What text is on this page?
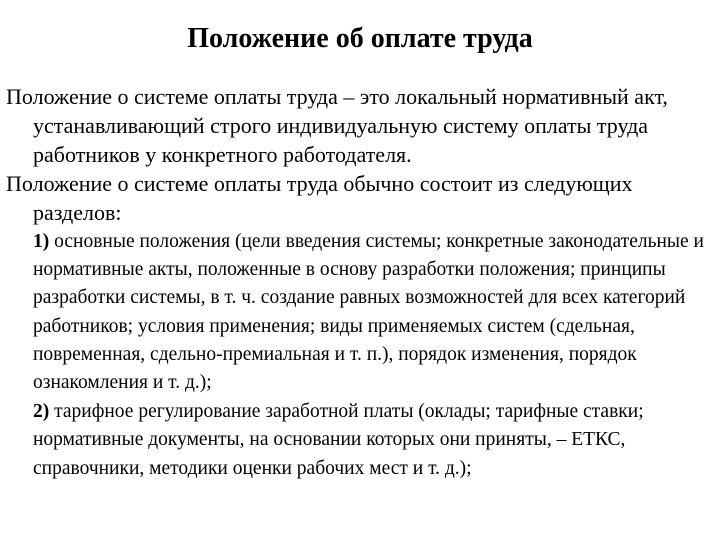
Положение об оплате труда
Положение о системе оплаты труда – это локальный нормативный акт, устанавливающий строго индивидуальную систему оплаты труда работников у конкретного работодателя.
Положение о системе оплаты труда обычно состоит из следующих разделов:
1) основные положения (цели введения системы; конкретные законодательные и нормативные акты, положенные в основу разработки положения; принципы разработки системы, в т. ч. создание равных возможностей для всех категорий работников; условия применения; виды применяемых систем (сдельная, повременная, сдельно-премиальная и т. п.), порядок изменения, порядок ознакомления и т. д.);
2) тарифное регулирование заработной платы (оклады; тарифные ставки; нормативные документы, на основании которых они приняты, – ЕТКС, справочники, методики оценки рабочих мест и т. д.);
